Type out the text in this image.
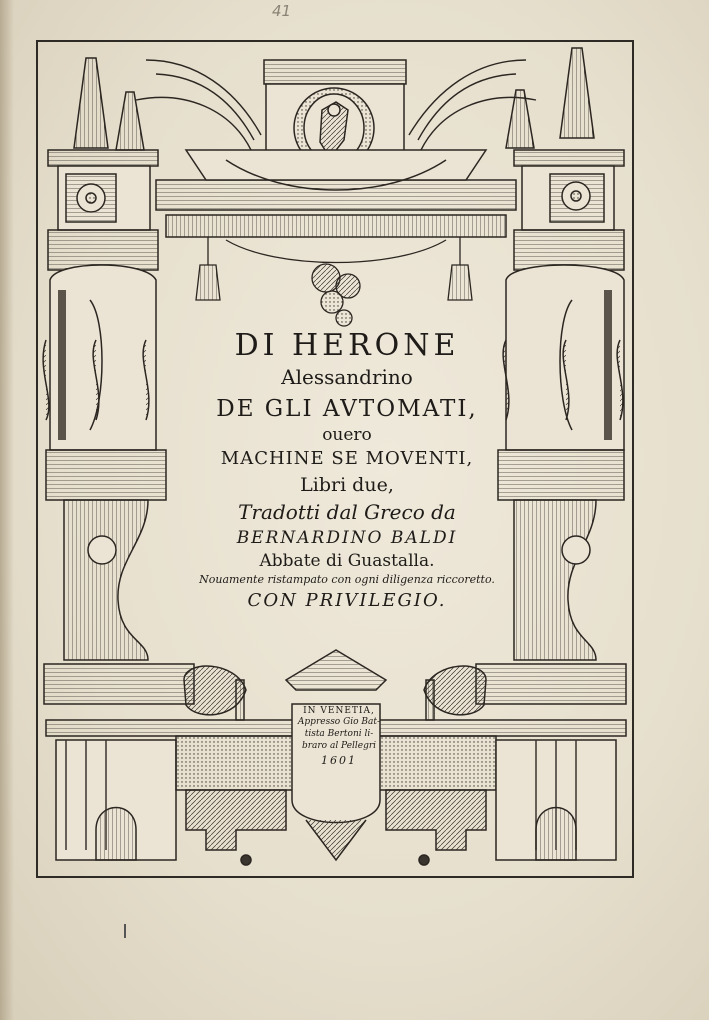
41
DI HERONE
Alessandrino
DE GLI AVTOMATI,
ouero
MACHINE SE MOVENTI,
Libri due,
Tradotti dal Greco da
BERNARDINO BALDI
Abbate di Guastalla.
Nouamente ristampato con ogni diligenza riccoretto.
CON PRIVILEGIO.
IN VENETIA,
Appresso Gio Bat-
tista Bertoni li-
braro al Pellegri
1601
